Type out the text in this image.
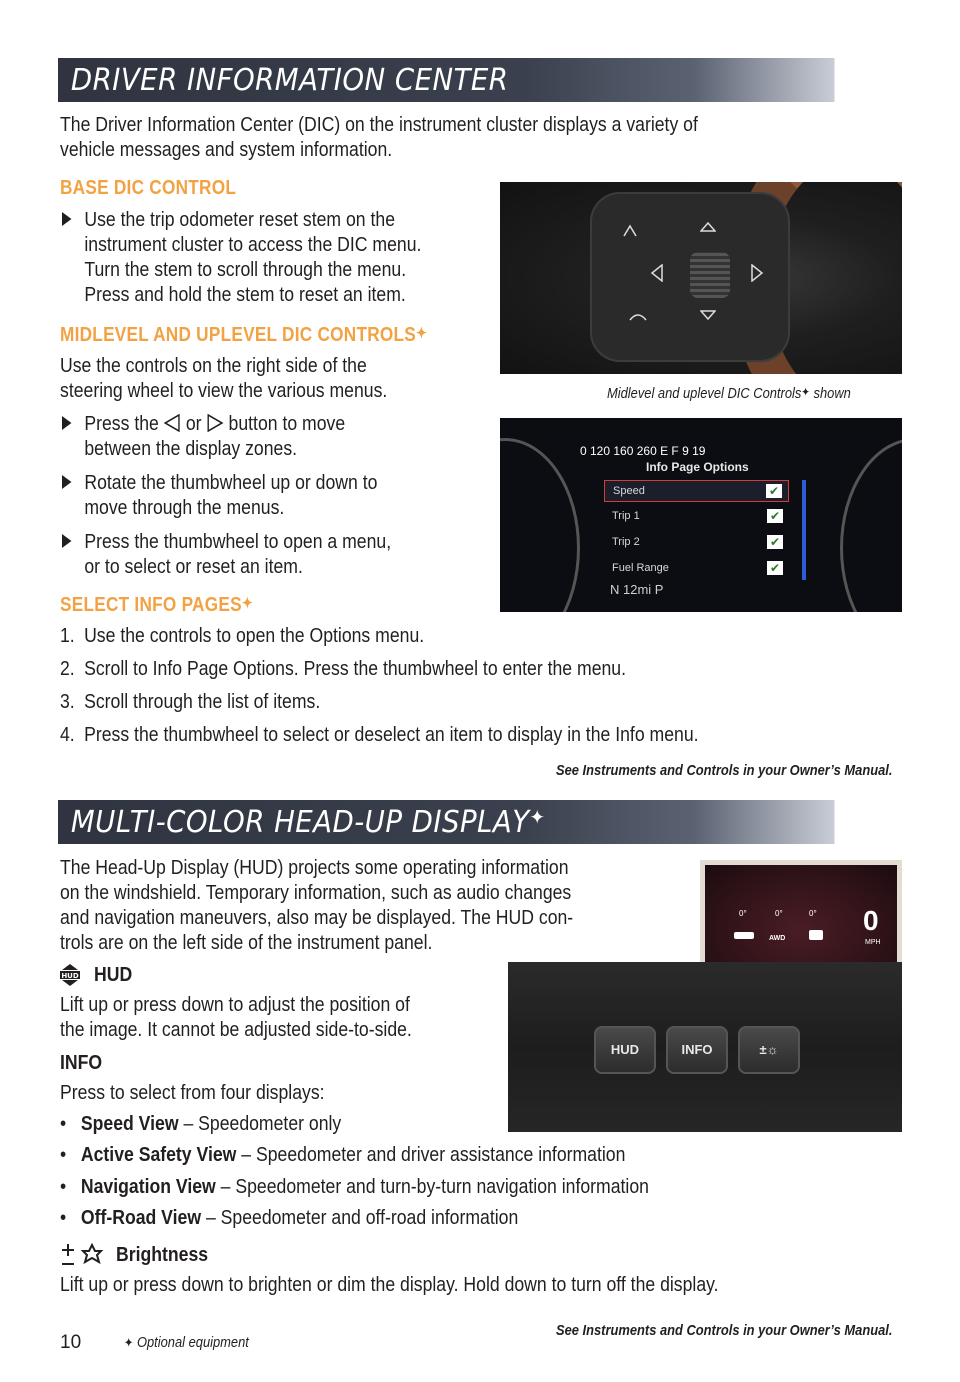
DRIVER INFORMATION CENTER
The Driver Information Center (DIC) on the instrument cluster displays a variety of
vehicle messages and system information.
BASE DIC CONTROL
Use the trip odometer reset stem on the
instrument cluster to access the DIC menu.
Turn the stem to scroll through the menu.
Press and hold the stem to reset an item.
MIDLEVEL AND UPLEVEL DIC CONTROLS✦
Use the controls on the right side of the
steering wheel to view the various menus.
Press the or button to move
between the display zones.
Rotate the thumbwheel up or down to
move through the menus.
Press the thumbwheel to open a menu,
or to select or reset an item.
SELECT INFO PAGES✦
1. Use the controls to open the Options menu.
2. Scroll to Info Page Options. Press the thumbwheel to enter the menu.
3. Scroll through the list of items.
4. Press the thumbwheel to select or deselect an item to display in the Info menu.
See Instruments and Controls in your Owner’s Manual.
Midlevel and uplevel DIC Controls✦ shown
0 120 160 260 E F 9 19
Info Page Options
Speed	✔
Trip 1	✔
Trip 2	✔
Fuel Range	✔
N 12mi P
MULTI-COLOR HEAD-UP DISPLAY✦
The Head-Up Display (HUD) projects some operating information
on the windshield. Temporary information, such as audio changes
and navigation maneuvers, also may be displayed. The HUD con-
trols are on the left side of the instrument panel.
HUD HUD
Lift up or press down to adjust the position of
the image. It cannot be adjusted side-to-side.
INFO
Press to select from four displays:
• Speed View – Speedometer only
• Active Safety View – Speedometer and driver assistance information
• Navigation View – Speedometer and turn-by-turn navigation information
• Off-Road View – Speedometer and off-road information
Brightness
Lift up or press down to brighten or dim the display. Hold down to turn off the display.
0°	0°	0°
AWD
0
MPH
HUD	INFO	±☼
See Instruments and Controls in your Owner’s Manual.
10	✦ Optional equipment
